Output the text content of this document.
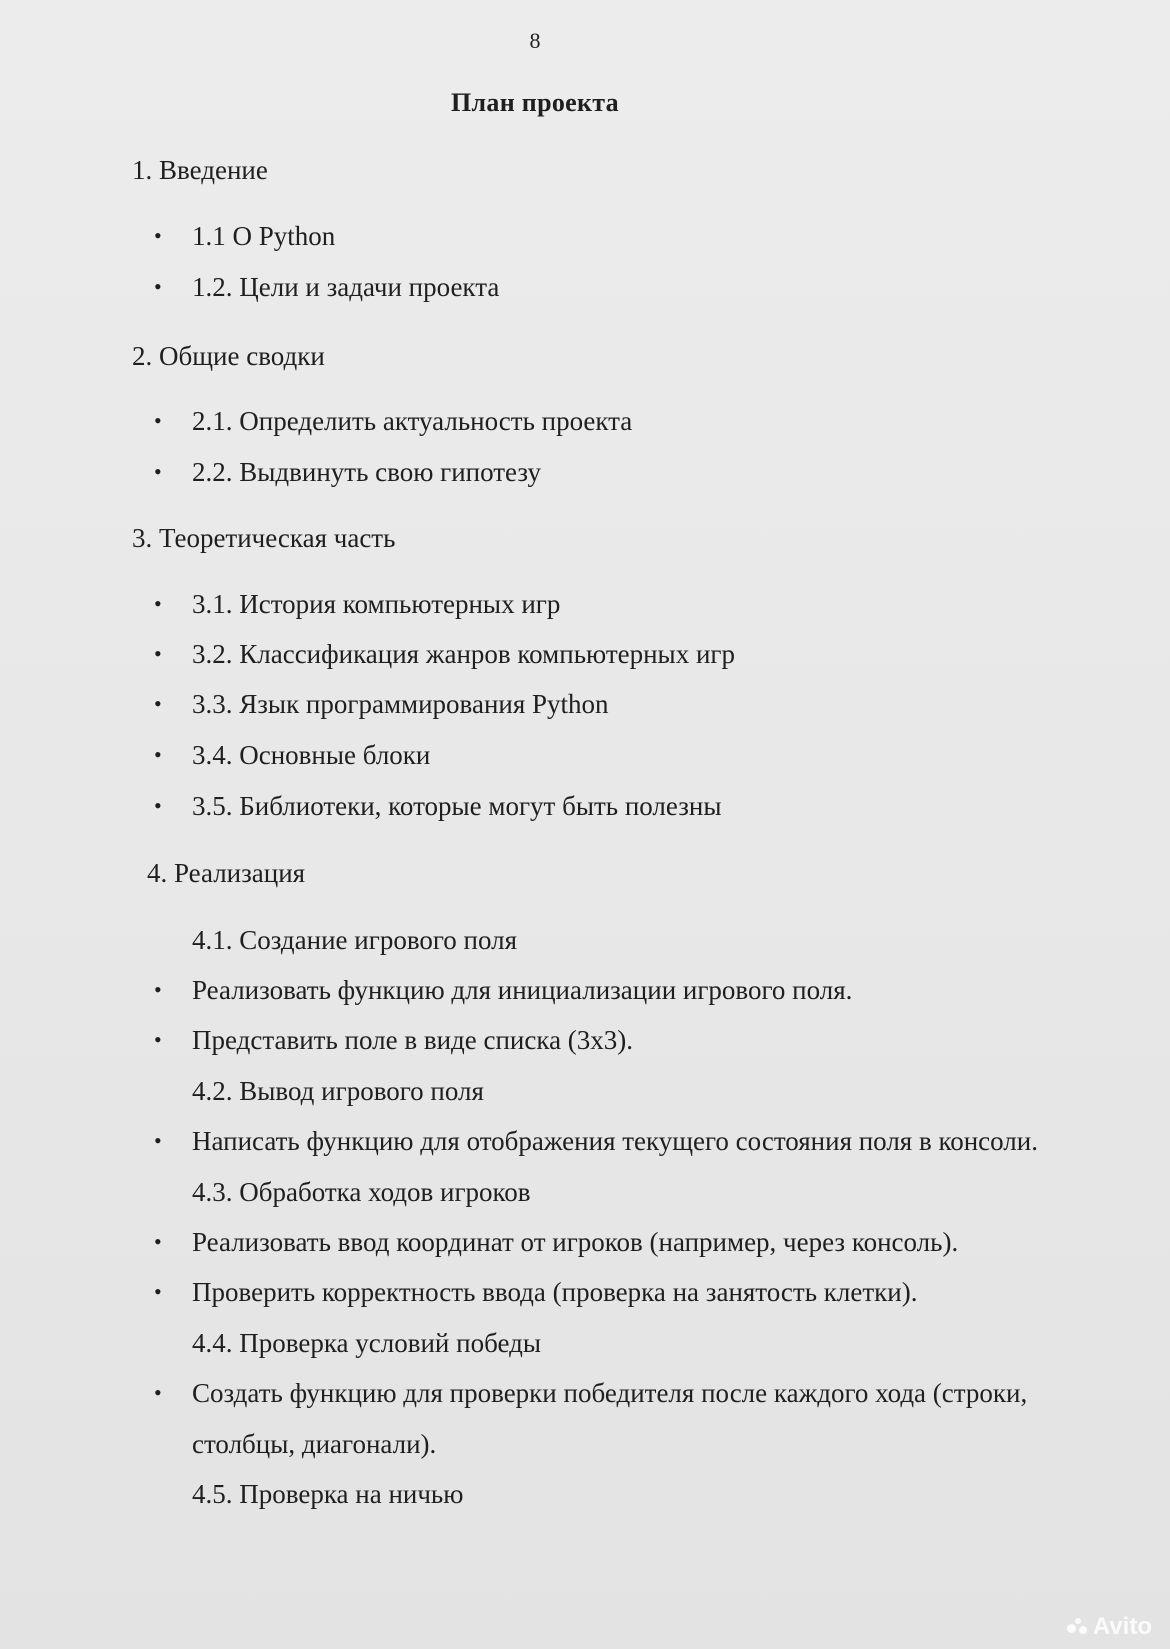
8
План проекта
1. Введение
• 1.1 О Python
• 1.2. Цели и задачи проекта
2. Общие сводки
• 2.1. Определить актуальность проекта
• 2.2. Выдвинуть свою гипотезу
3. Теоретическая часть
• 3.1. История компьютерных игр
• 3.2. Классификация жанров компьютерных игр
• 3.3. Язык программирования Python
• 3.4. Основные блоки
• 3.5. Библиотеки, которые могут быть полезны
4. Реализация
4.1. Создание игрового поля
• Реализовать функцию для инициализации игрового поля.
• Представить поле в виде списка (3x3).
4.2. Вывод игрового поля
• Написать функцию для отображения текущего состояния поля в консоли.
4.3. Обработка ходов игроков
• Реализовать ввод координат от игроков (например, через консоль).
• Проверить корректность ввода (проверка на занятость клетки).
4.4. Проверка условий победы
• Создать функцию для проверки победителя после каждого хода (строки,
столбцы, диагонали).
4.5. Проверка на ничью
Avito
